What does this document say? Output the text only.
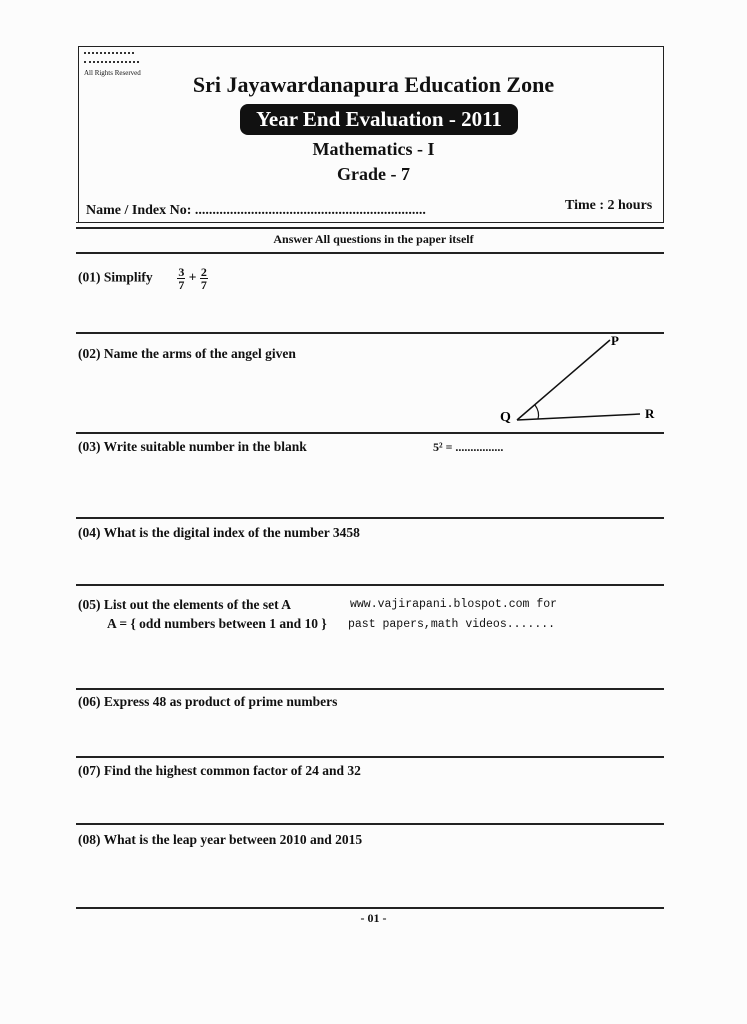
All Rights Reserved	Sri Jayawardanapura Education Zone
Year End Evaluation - 2011
Mathematics - I
Grade - 7
Name / Index No: ..................................................................	Time : 2 hours
Answer All questions in the paper itself
(01) Simplify $\frac{3}{7} + \frac{2}{7}$
(02) Name the arms of the angel given
P
Q	R
(03) Write suitable number in the blank	5² = ................
(04) What is the digital index of the number 3458
(05) List out the elements of the set A
A = { odd numbers between 1 and 10 }
www.vajirapani.blospot.com for
past papers,math videos.......
(06) Express 48 as product of prime numbers
(07) Find the highest common factor of 24 and 32
(08) What is the leap year between 2010 and 2015
- 01 -
